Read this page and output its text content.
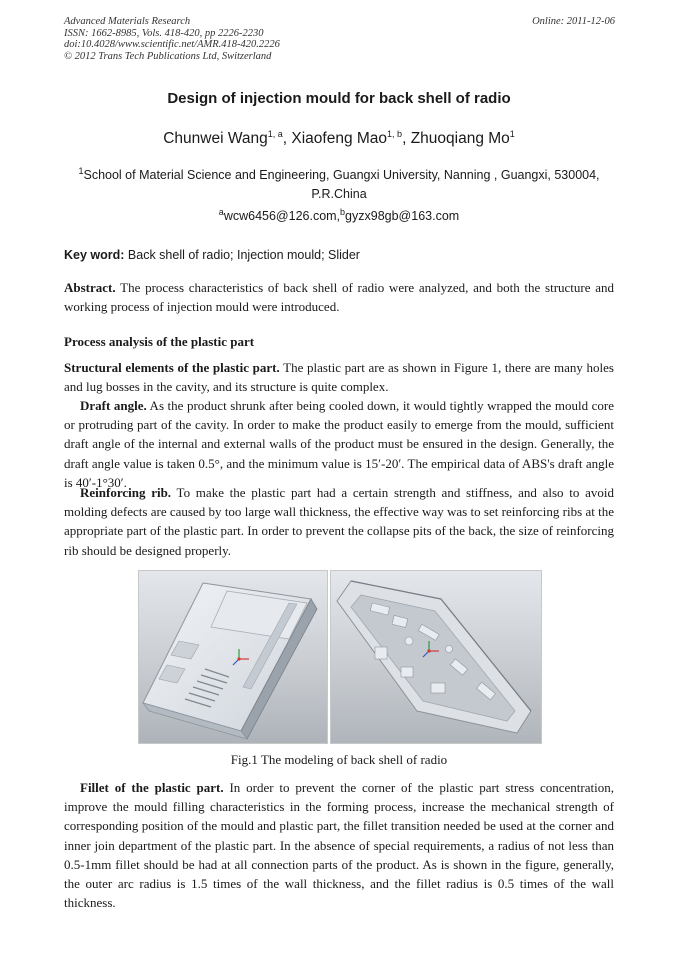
Advanced Materials Research
ISSN: 1662-8985, Vols. 418-420, pp 2226-2230
doi:10.4028/www.scientific.net/AMR.418-420.2226
© 2012 Trans Tech Publications Ltd, Switzerland
Online: 2011-12-06
Design of injection mould for back shell of radio
Chunwei Wang$^{1, a}$, Xiaofeng Mao$^{1, b}$, Zhuoqiang Mo$^1$
$^1$School of Material Science and Engineering, Guangxi University, Nanning , Guangxi, 530004, P.R.China
$^a$wcw6456@126.com,$^b$gyzx98gb@163.com
Key word: Back shell of radio; Injection mould; Slider
Abstract. The process characteristics of back shell of radio were analyzed, and both the structure and working process of injection mould were introduced.
Process analysis of the plastic part
Structural elements of the plastic part. The plastic part are as shown in Figure 1, there are many holes and lug bosses in the cavity, and its structure is quite complex.
Draft angle. As the product shrunk after being cooled down, it would tightly wrapped the mould core or protruding part of the cavity. In order to make the product easily to emerge from the mould, sufficient draft angle of the internal and external walls of the product must be ensured in the design. Generally, the draft angle value is taken 0.5°, and the minimum value is 15′-20′. The empirical data of ABS's draft angle is 40′-1°30′.
Reinforcing rib. To make the plastic part had a certain strength and stiffness, and also to avoid molding defects are caused by too large wall thickness, the effective way was to set reinforcing ribs at the appropriate part of the plastic part. In order to prevent the collapse pits of the back, the size of reinforcing rib should be designed properly.
Fig.1 The modeling of back shell of radio
Fillet of the plastic part. In order to prevent the corner of the plastic part stress concentration, improve the mould filling characteristics in the forming process, increase the mechanical strength of corresponding position of the mould and plastic part, the fillet transition needed be used at the corner and inner join department of the plastic part. In the absence of special requirements, a radius of not less than 0.5-1mm fillet should be had at all connection parts of the product. As is shown in the figure, generally, the outer arc radius is 1.5 times of the wall thickness, and the fillet radius is 0.5 times of the wall thickness.
